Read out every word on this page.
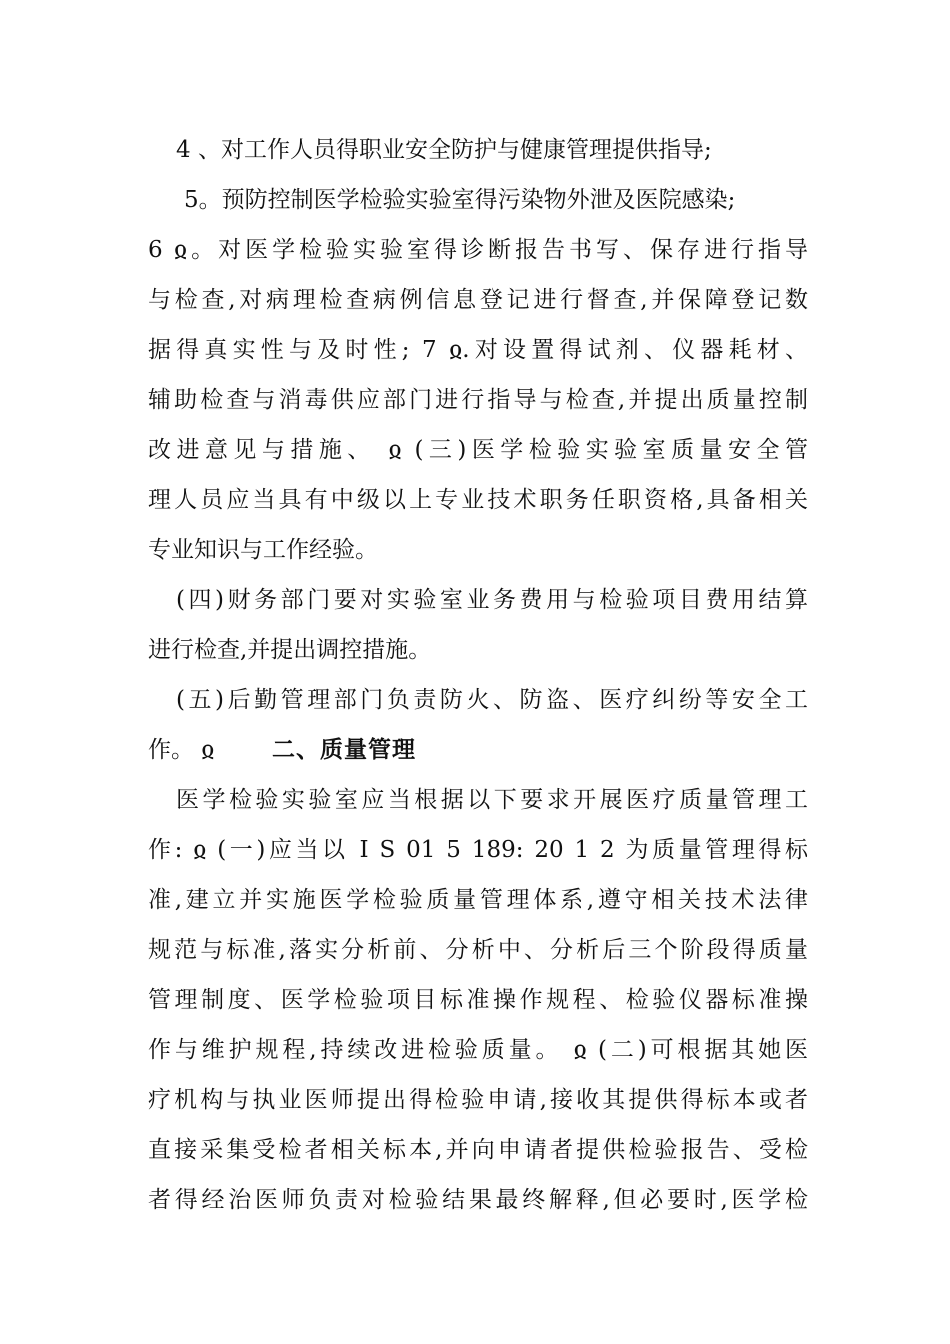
4 、对工作人员得职业安全防护与健康管理提供指导;
5。预防控制医学检验实验室得污染物外泄及医院感染;
6 ჲ。对医学检验实验室得诊断报告书写、保存进行指导
与检查,对病理检查病例信息登记进行督查,并保障登记数
据得真实性与及时性; 7 ჲ.对设置得试剂、仪器耗材、
辅助检查与消毒供应部门进行指导与检查,并提出质量控制
改进意见与措施、 ჲ (三)医学检验实验室质量安全管
理人员应当具有中级以上专业技术职务任职资格,具备相关
专业知识与工作经验。
(四)财务部门要对实验室业务费用与检验项目费用结算
进行检查,并提出调控措施。
(五)后勤管理部门负责防火、防盗、医疗纠纷等安全工
作。 ჲ	二、质量管理
医学检验实验室应当根据以下要求开展医疗质量管理工
作: ჲ (一)应当以 I S 01 5 189: 20 1 2 为质量管理得标
准,建立并实施医学检验质量管理体系,遵守相关技术法律
规范与标准,落实分析前、分析中、分析后三个阶段得质量
管理制度、医学检验项目标准操作规程、检验仪器标准操
作与维护规程,持续改进检验质量。 ჲ (二)可根据其她医
疗机构与执业医师提出得检验申请,接收其提供得标本或者
直接采集受检者相关标本,并向申请者提供检验报告、受检
者得经治医师负责对检验结果最终解释,但必要时,医学检
